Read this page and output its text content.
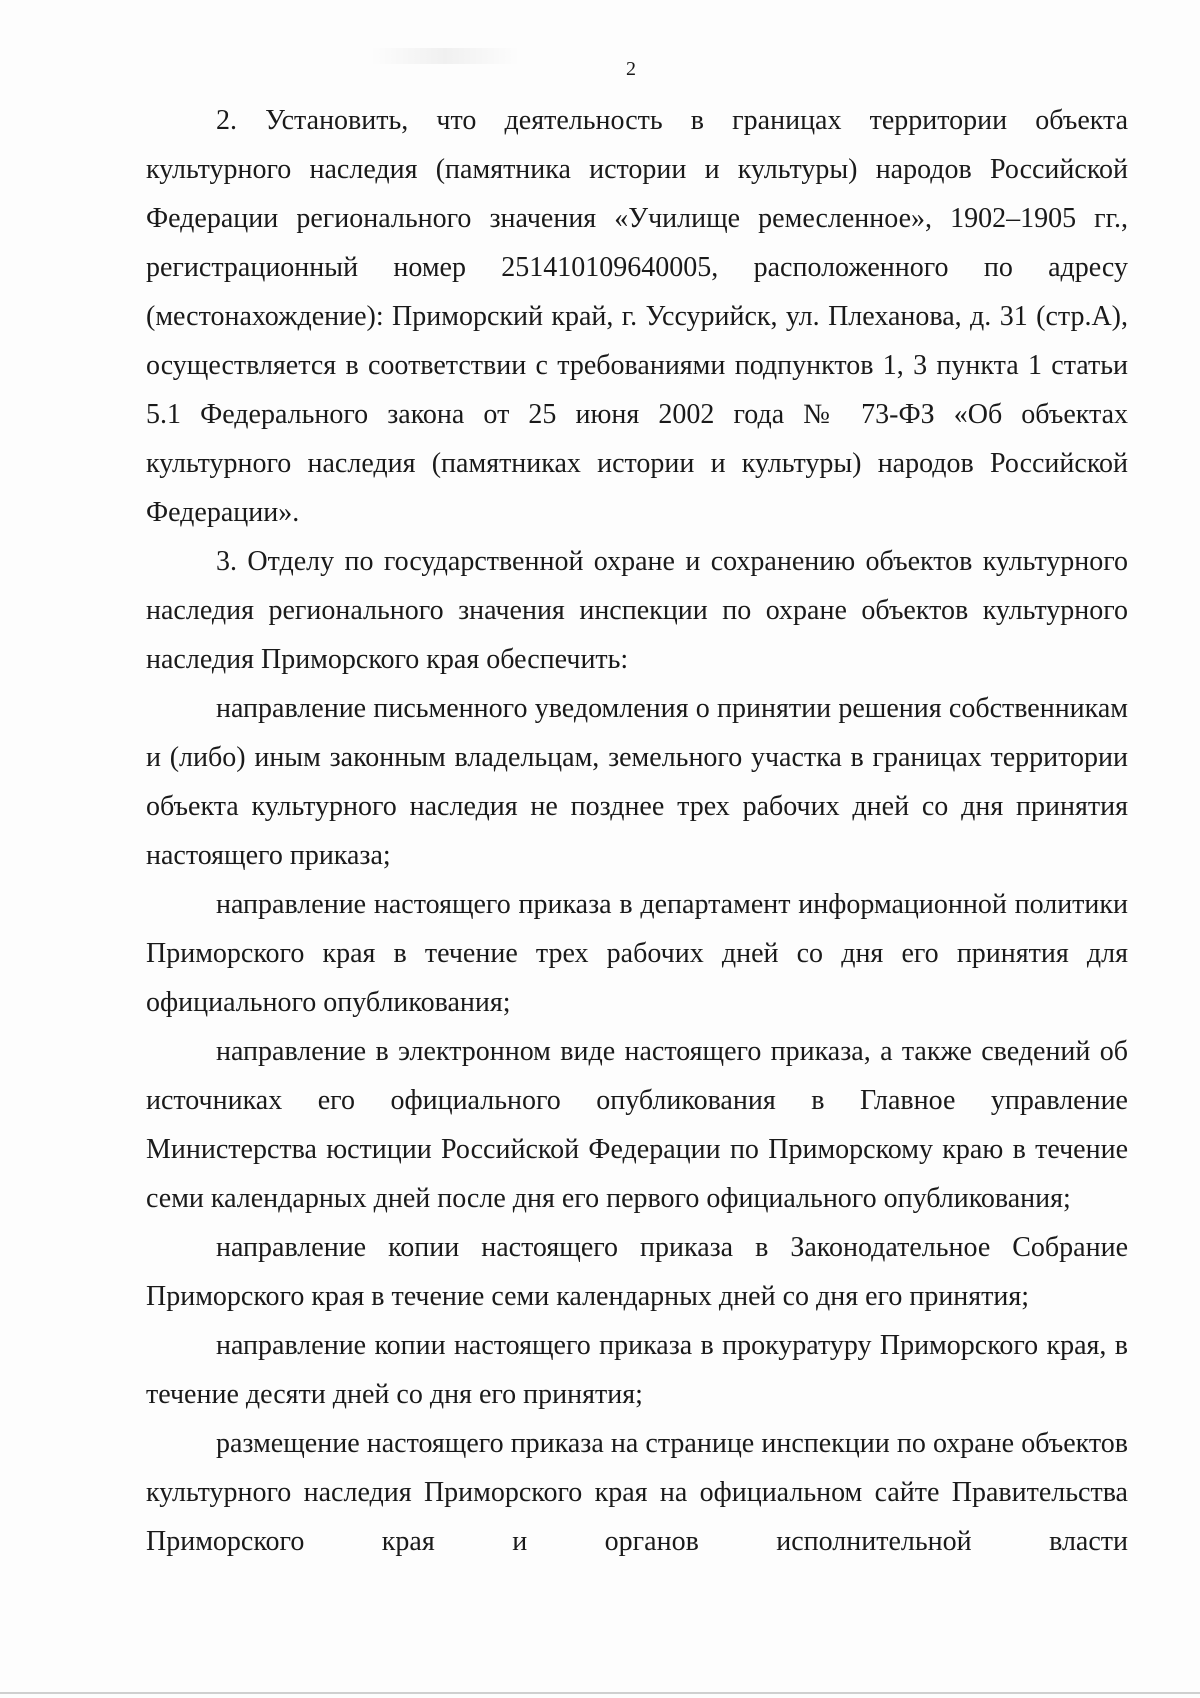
2

2. Установить, что деятельность в границах территории объекта культурного наследия (памятника истории и культуры) народов Российской Федерации регионального значения «Училище ремесленное», 1902–1905 гг., регистрационный номер 251410109640005, расположенного по адресу (местонахождение): Приморский край, г. Уссурийск, ул. Плеханова, д. 31 (стр.А), осуществляется в соответствии с требованиями подпунктов 1, 3 пункта 1 статьи 5.1 Федерального закона от 25 июня 2002 года № 73-ФЗ «Об объектах культурного наследия (памятниках истории и культуры) народов Российской Федерации».

3. Отделу по государственной охране и сохранению объектов культурного наследия регионального значения инспекции по охране объектов культурного наследия Приморского края обеспечить:

направление письменного уведомления о принятии решения собственникам и (либо) иным законным владельцам, земельного участка в границах территории объекта культурного наследия не позднее трех рабочих дней со дня принятия настоящего приказа;

направление настоящего приказа в департамент информационной политики Приморского края в течение трех рабочих дней со дня его принятия для официального опубликования;

направление в электронном виде настоящего приказа, а также сведений об источниках его официального опубликования в Главное управление Министерства юстиции Российской Федерации по Приморскому краю в течение семи календарных дней после дня его первого официального опубликования;

направление копии настоящего приказа в Законодательное Собрание Приморского края в течение семи календарных дней со дня его принятия;

направление копии настоящего приказа в прокуратуру Приморского края, в течение десяти дней со дня его принятия;

размещение настоящего приказа на странице инспекции по охране объектов культурного наследия Приморского края на официальном сайте Правительства Приморского края и органов исполнительной власти
